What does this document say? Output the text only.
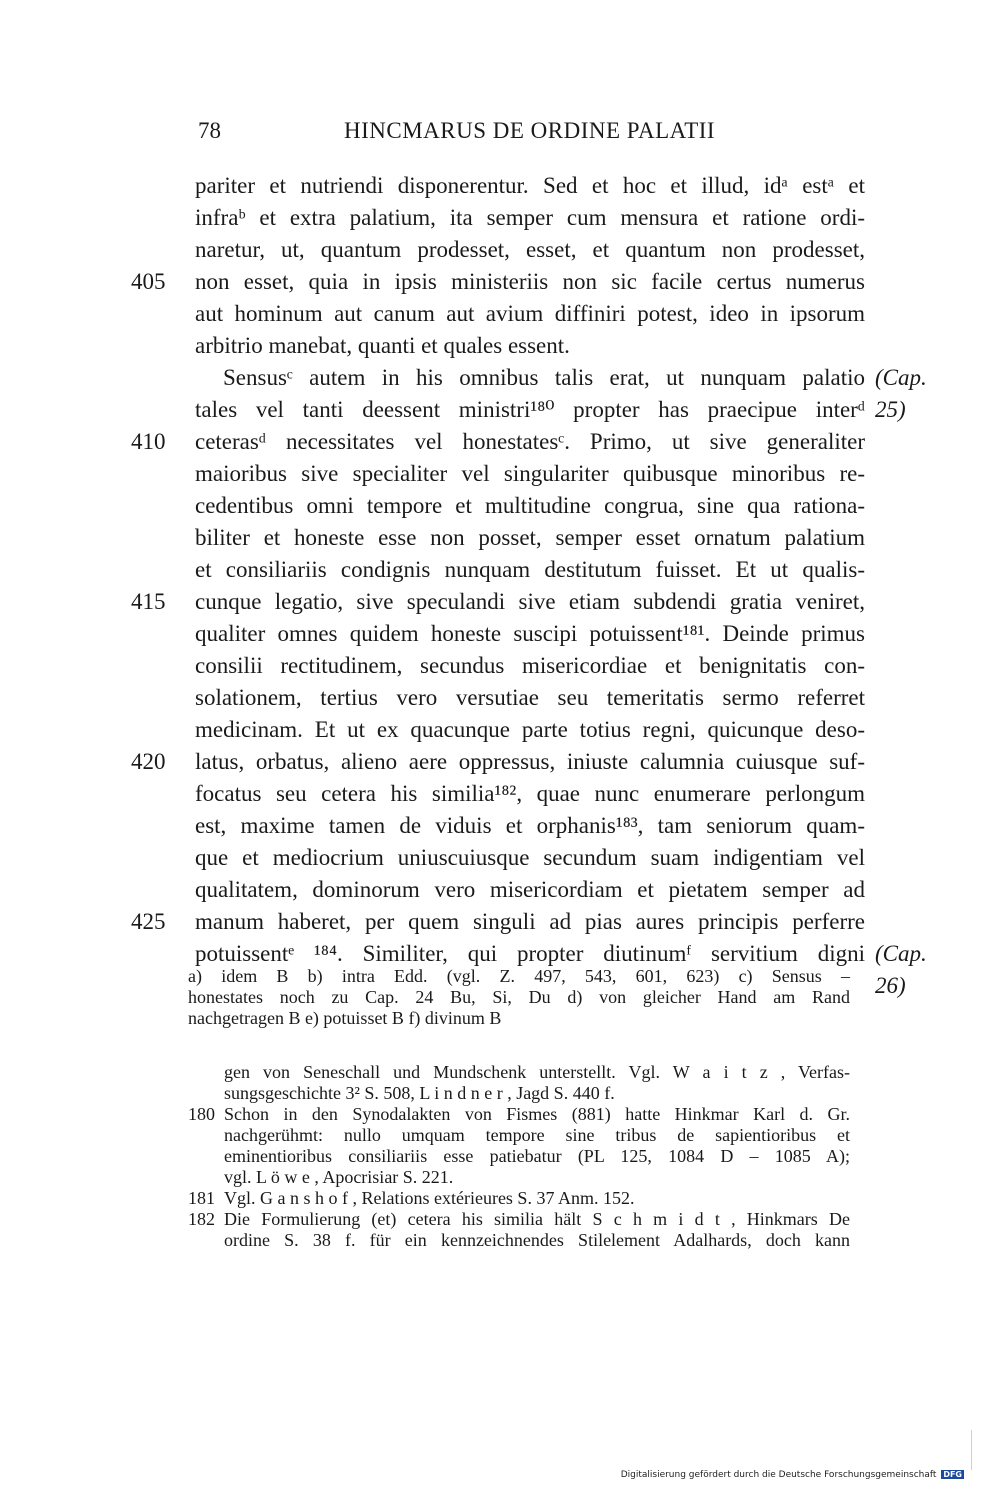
78	HINCMARUS DE ORDINE PALATII
pariter et nutriendi disponerentur. Sed et hoc et illud, idᵃ estᵃ et
infraᵇ et extra palatium, ita semper cum mensura et ratione ordi-
naretur, ut, quantum prodesset, esset, et quantum non prodesset,
non esset, quia in ipsis ministeriis non sic facile certus numerus
405
aut hominum aut canum aut avium diffiniri potest, ideo in ipsorum
arbitrio manebat, quanti et quales essent.
Sensusᶜ autem in his omnibus talis erat, ut nunquam palatio (Cap. 25)
tales vel tanti deessent ministri¹⁸⁰ propter has praecipue interᵈ
ceterasᵈ necessitates vel honestatesᶜ. Primo, ut sive generaliter
410
maioribus sive specialiter vel singulariter quibusque minoribus re-
cedentibus omni tempore et multitudine congrua, sine qua rationa-
biliter et honeste esse non posset, semper esset ornatum palatium
et consiliariis condignis nunquam destitutum fuisset. Et ut qualis-
cunque legatio, sive speculandi sive etiam subdendi gratia veniret,
415
qualiter omnes quidem honeste suscipi potuissent¹⁸¹. Deinde primus
consilii rectitudinem, secundus misericordiae et benignitatis con-
solationem, tertius vero versutiae seu temeritatis sermo referret
medicinam. Et ut ex quacunque parte totius regni, quicunque deso-
latus, orbatus, alieno aere oppressus, iniuste calumnia cuiusque suf-
420
focatus seu cetera his similia¹⁸², quae nunc enumerare perlongum
est, maxime tamen de viduis et orphanis¹⁸³, tam seniorum quam-
que et mediocrium uniuscuiusque secundum suam indigentiam vel
qualitatem, dominorum vero misericordiam et pietatem semper ad
manum haberet, per quem singuli ad pias aures principis perferre
425
potuissentᵉ ¹⁸⁴. Similiter, qui propter diutinumᶠ servitium digni (Cap. 26)
a) idem B b) intra Edd. (vgl. Z. 497, 543, 601, 623) c) Sensus –
honestates noch zu Cap. 24 Bu, Si, Du d) von gleicher Hand am Rand
nachgetragen B e) potuisset B f) divinum B
gen von Seneschall und Mundschenk unterstellt. Vgl. W a i t z , Verfas-
sungsgeschichte 3² S. 508, L i n d n e r , Jagd S. 440 f.
180 Schon in den Synodalakten von Fismes (881) hatte Hinkmar Karl d. Gr.
nachgerühmt: nullo umquam tempore sine tribus de sapientioribus et
eminentioribus consiliariis esse patiebatur (PL 125, 1084 D – 1085 A);
vgl. L ö w e , Apocrisiar S. 221.
181 Vgl. G a n s h o f , Relations extérieures S. 37 Anm. 152.
182 Die Formulierung (et) cetera his similia hält S c h m i d t , Hinkmars De
ordine S. 38 f. für ein kennzeichnendes Stilelement Adalhards, doch kann
Digitalisierung gefördert durch die Deutsche Forschungsgemeinschaft DFG
